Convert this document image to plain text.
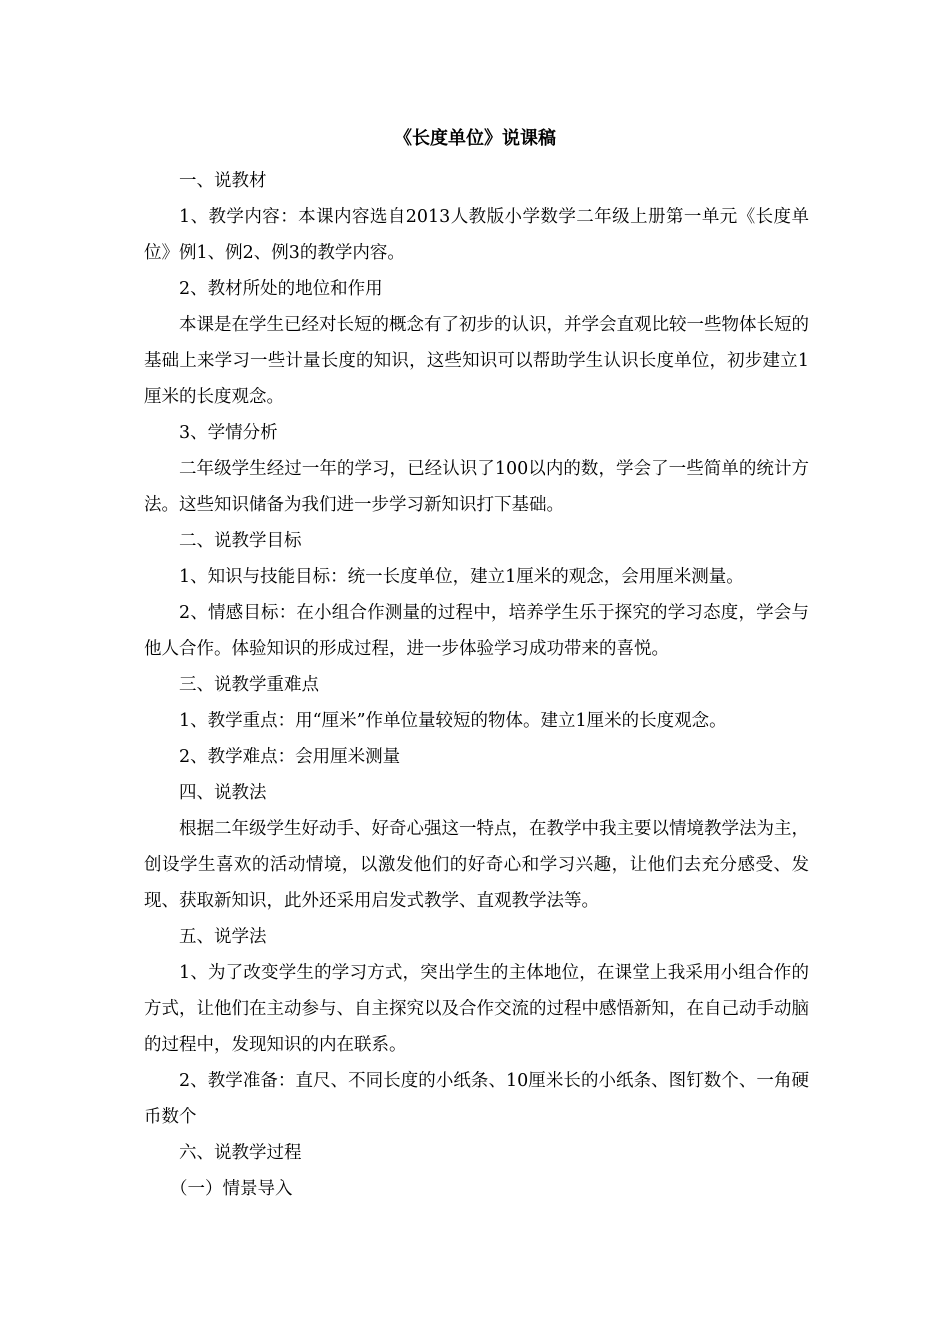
《长度单位》说课稿

一、说教材

1、教学内容：本课内容选自2013人教版小学数学二年级上册第一单元《长度单位》例1、例2、例3的教学内容。

2、教材所处的地位和作用

本课是在学生已经对长短的概念有了初步的认识，并学会直观比较一些物体长短的基础上来学习一些计量长度的知识，这些知识可以帮助学生认识长度单位，初步建立1厘米的长度观念。

3、学情分析

二年级学生经过一年的学习，已经认识了100以内的数，学会了一些简单的统计方法。这些知识储备为我们进一步学习新知识打下基础。

二、说教学目标

1、知识与技能目标：统一长度单位，建立1厘米的观念，会用厘米测量。

2、情感目标：在小组合作测量的过程中，培养学生乐于探究的学习态度，学会与他人合作。体验知识的形成过程，进一步体验学习成功带来的喜悦。

三、说教学重难点

1、教学重点：用“厘米”作单位量较短的物体。建立1厘米的长度观念。

2、教学难点：会用厘米测量

四、说教法

根据二年级学生好动手、好奇心强这一特点，在教学中我主要以情境教学法为主，创设学生喜欢的活动情境，以激发他们的好奇心和学习兴趣，让他们去充分感受、发现、获取新知识，此外还采用启发式教学、直观教学法等。

五、说学法

1、为了改变学生的学习方式，突出学生的主体地位，在课堂上我采用小组合作的方式，让他们在主动参与、自主探究以及合作交流的过程中感悟新知，在自己动手动脑的过程中，发现知识的内在联系。

2、教学准备：直尺、不同长度的小纸条、10厘米长的小纸条、图钉数个、一角硬币数个

六、说教学过程

（一）情景导入
